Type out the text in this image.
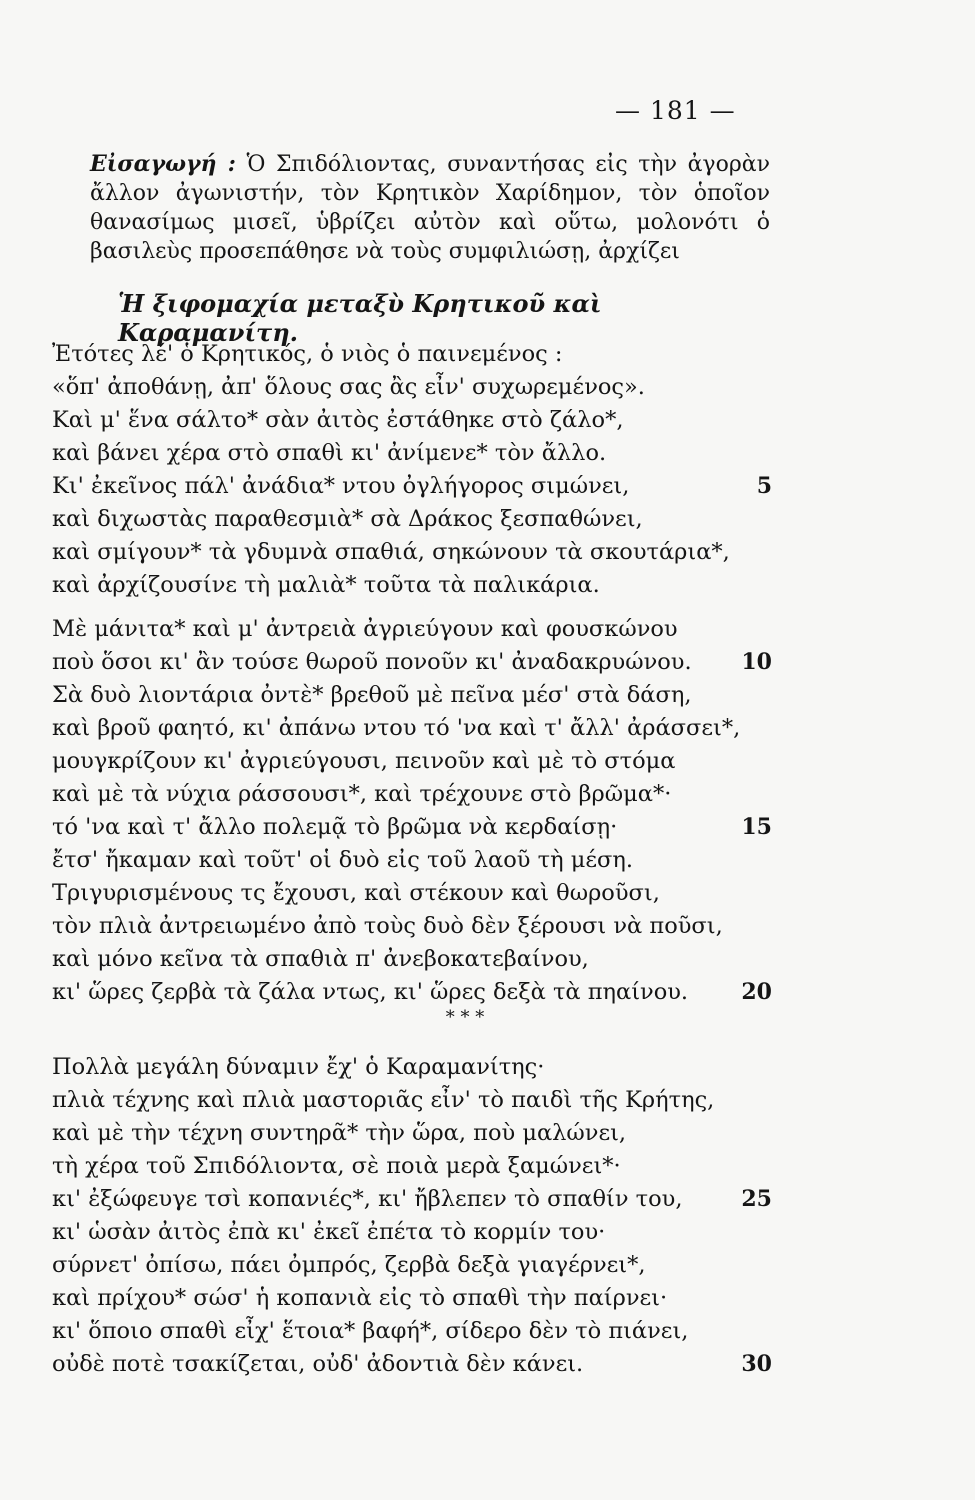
— 181 —
Εἰσαγωγή : Ὁ Σπιδόλιοντας, συναντήσας εἰς τὴν ἀγορὰν ἄλλον ἀγωνιστήν, τὸν Κρητικὸν Χαρίδημον, τὸν ὁποῖον θανασίμως μισεῖ, ὑβρίζει αὐτὸν καὶ οὕτω, μολονότι ὁ βασιλεὺς προσεπάθησε νὰ τοὺς συμφιλιώσῃ, ἀρχίζει
Ἡ ξιφομαχία μεταξὺ Κρητικοῦ καὶ Καραμανίτη.
Ἐτότες λέ' ὁ Κρητικός, ὁ νιὸς ὁ παινεμένος :
«ὅπ' ἀποθάνῃ, ἀπ' ὅλους σας ἂς εἶν' συχωρεμένος».
Καὶ μ' ἕνα σάλτο* σὰν ἀιτὸς ἐστάθηκε στὸ ζάλο*,
καὶ βάνει χέρα στὸ σπαθὶ κι' ἀνίμενε* τὸν ἄλλο.
Κι' ἐκεῖνος πάλ' ἀνάδια* ντου ὀγλήγορος σιμώνει,	5
καὶ διχωστὰς παραθεσμιὰ* σὰ Δράκος ξεσπαθώνει,
καὶ σμίγουν* τὰ γδυμνὰ σπαθιά, σηκώνουν τὰ σκουτάρια*,
καὶ ἀρχίζουσίνε τὴ μαλιὰ* τοῦτα τὰ παλικάρια.
Μὲ μάνιτα* καὶ μ' ἀντρειὰ ἀγριεύγουν καὶ φουσκώνου
ποὺ ὅσοι κι' ἂν τούσε θωροῦ πονοῦν κι' ἀναδακρυώνου. 10
Σὰ δυὸ λιοντάρια ὀντὲ* βρεθοῦ μὲ πεῖνα μέσ' στὰ δάση,
καὶ βροῦ φαητό, κι' ἀπάνω ντου τό 'να καὶ τ' ἄλλ' ἀράσσει*,
μουγκρίζουν κι' ἀγριεύγουσι, πεινοῦν καὶ μὲ τὸ στόμα
καὶ μὲ τὰ νύχια ράσσουσι*, καὶ τρέχουνε στὸ βρῶμα*·
τό 'να καὶ τ' ἄλλο πολεμᾷ τὸ βρῶμα νὰ κερδαίσῃ·	15
ἔτσ' ἤκαμαν καὶ τοῦτ' οἱ δυὸ εἰς τοῦ λαοῦ τὴ μέση.
Τριγυρισμένους τς ἔχουσι, καὶ στέκουν καὶ θωροῦσι,
τὸν πλιὰ ἀντρειωμένο ἀπὸ τοὺς δυὸ δὲν ξέρουσι νὰ ποῦσι,
καὶ μόνο κεῖνα τὰ σπαθιὰ π' ἀνεβοκατεβαίνου,
κι' ὥρες ζερβὰ τὰ ζάλα ντως, κι' ὥρες δεξὰ τὰ πηαίνου. 20
* * *
Πολλὰ μεγάλη δύναμιν ἔχ' ὁ Καραμανίτης·
πλιὰ τέχνης καὶ πλιὰ μαστοριᾶς εἶν' τὸ παιδὶ τῆς Κρήτης,
καὶ μὲ τὴν τέχνη συντηρᾶ* τὴν ὥρα, ποὺ μαλώνει,
τὴ χέρα τοῦ Σπιδόλιοντα, σὲ ποιὰ μερὰ ξαμώνει*·
κι' ἐξώφευγε τσὶ κοπανιές*, κι' ἤβλεπεν τὸ σπαθίν του,	25
κι' ὡσὰν ἀιτὸς ἐπὰ κι' ἐκεῖ ἐπέτα τὸ κορμίν του·
σύρνετ' ὀπίσω, πάει ὀμπρός, ζερβὰ δεξὰ γιαγέρνει*,
καὶ πρίχου* σώσ' ἡ κοπανιὰ εἰς τὸ σπαθὶ τὴν παίρνει·
κι' ὅποιο σπαθὶ εἶχ' ἕτοια* βαφή*, σίδερο δὲν τὸ πιάνει,
οὐδὲ ποτὲ τσακίζεται, οὐδ' ἀδοντιὰ δὲν κάνει.	30
